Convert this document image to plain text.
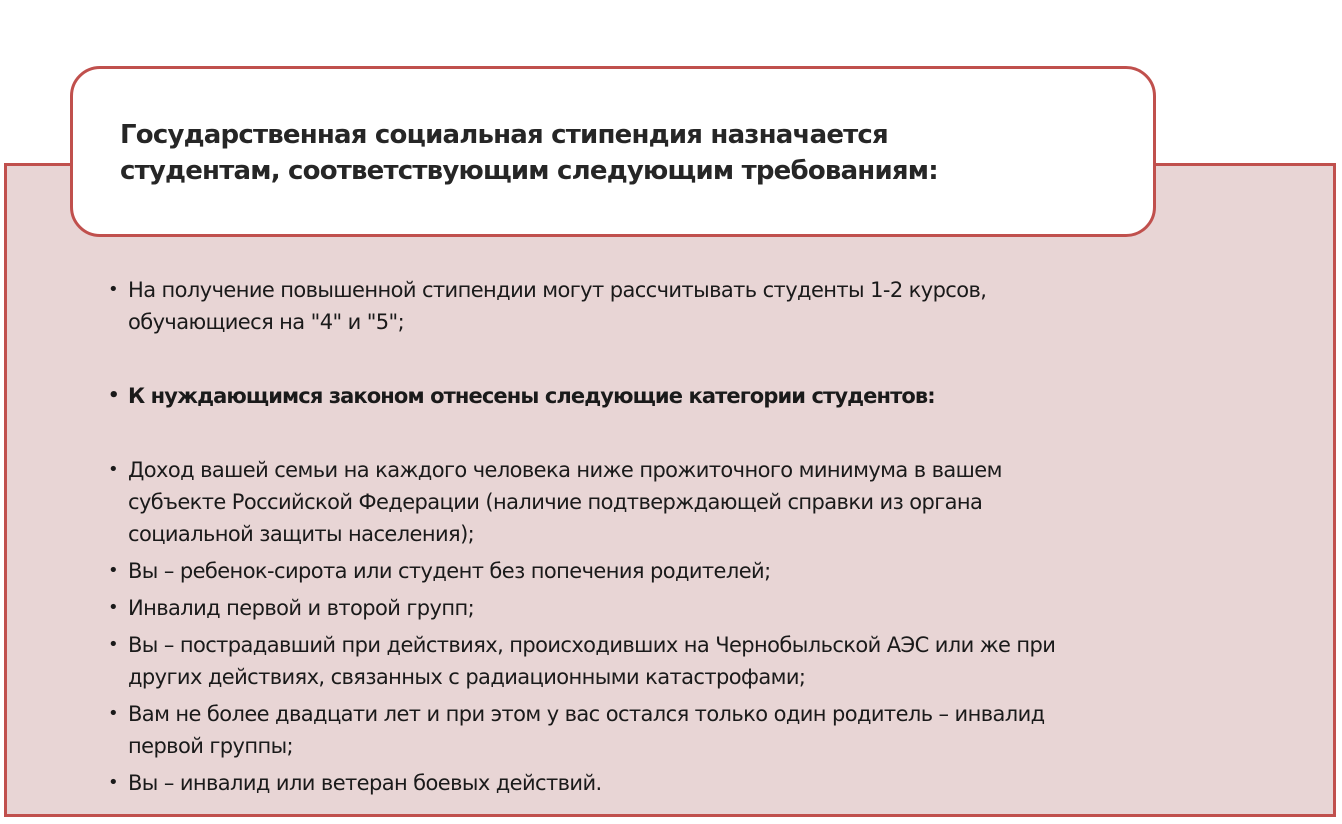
Государственная социальная стипендия назначается
студентам, соответствующим следующим требованиям:
• На получение повышенной стипендии могут рассчитывать студенты 1-2 курсов,
обучающиеся на "4" и "5";
• К нуждающимся законом отнесены следующие категории студентов:
• Доход вашей семьи на каждого человека ниже прожиточного минимума в вашем
субъекте Российской Федерации (наличие подтверждающей справки из органа
социальной защиты населения);
• Вы – ребенок-сирота или студент без попечения родителей;
• Инвалид первой и второй групп;
• Вы – пострадавший при действиях, происходивших на Чернобыльской АЭС или же при
других действиях, связанных с радиационными катастрофами;
• Вам не более двадцати лет и при этом у вас остался только один родитель – инвалид
первой группы;
• Вы – инвалид или ветеран боевых действий.
